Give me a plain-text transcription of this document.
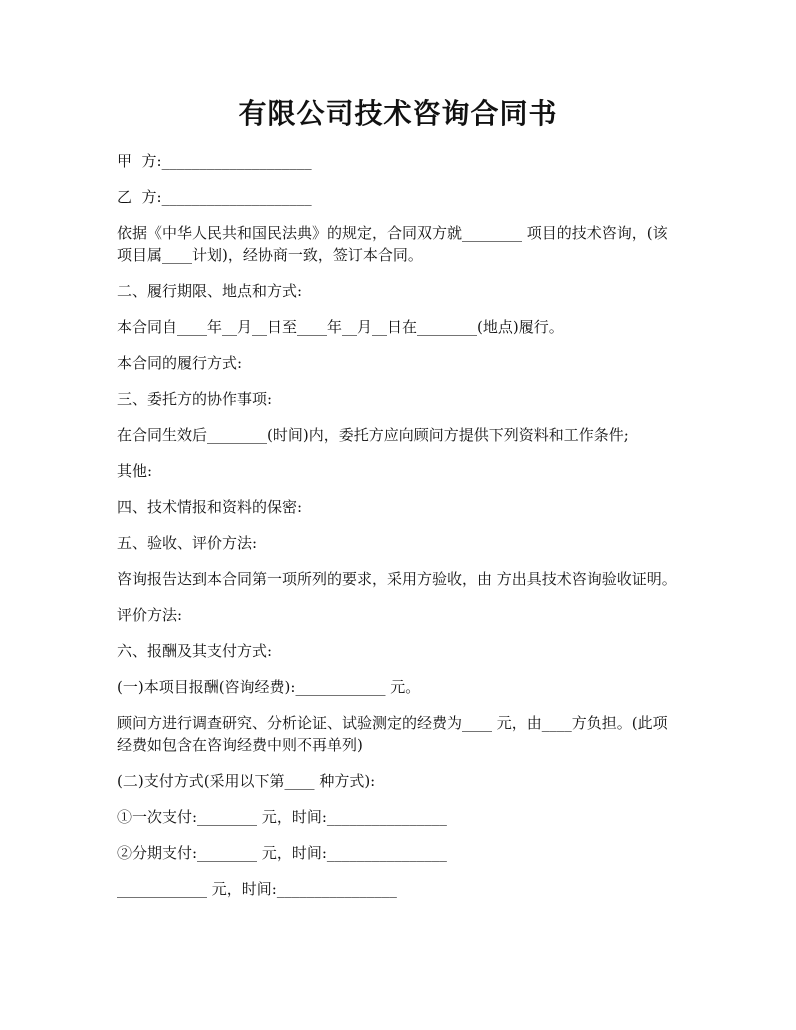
有限公司技术咨询合同书

甲  方:____________________

乙  方:____________________

依据《中华人民共和国民法典》的规定，合同双方就________ 项目的技术咨询，(该项目属____计划)，经协商一致，签订本合同。

二、履行期限、地点和方式:

本合同自____年__月__日至____年__月__日在________(地点)履行。

本合同的履行方式:

三、委托方的协作事项:

在合同生效后________(时间)内，委托方应向顾问方提供下列资料和工作条件;

其他:

四、技术情报和资料的保密:

五、验收、评价方法:

咨询报告达到本合同第一项所列的要求，采用方验收，由 方出具技术咨询验收证明。

评价方法:

六、报酬及其支付方式:

(一)本项目报酬(咨询经费):____________ 元。

顾问方进行调查研究、分析论证、试验测定的经费为____ 元，由____方负担。(此项经费如包含在咨询经费中则不再单列)

(二)支付方式(采用以下第____ 种方式):

①一次支付:________ 元，时间:________________

②分期支付:________ 元，时间:________________

____________ 元，时间:________________
